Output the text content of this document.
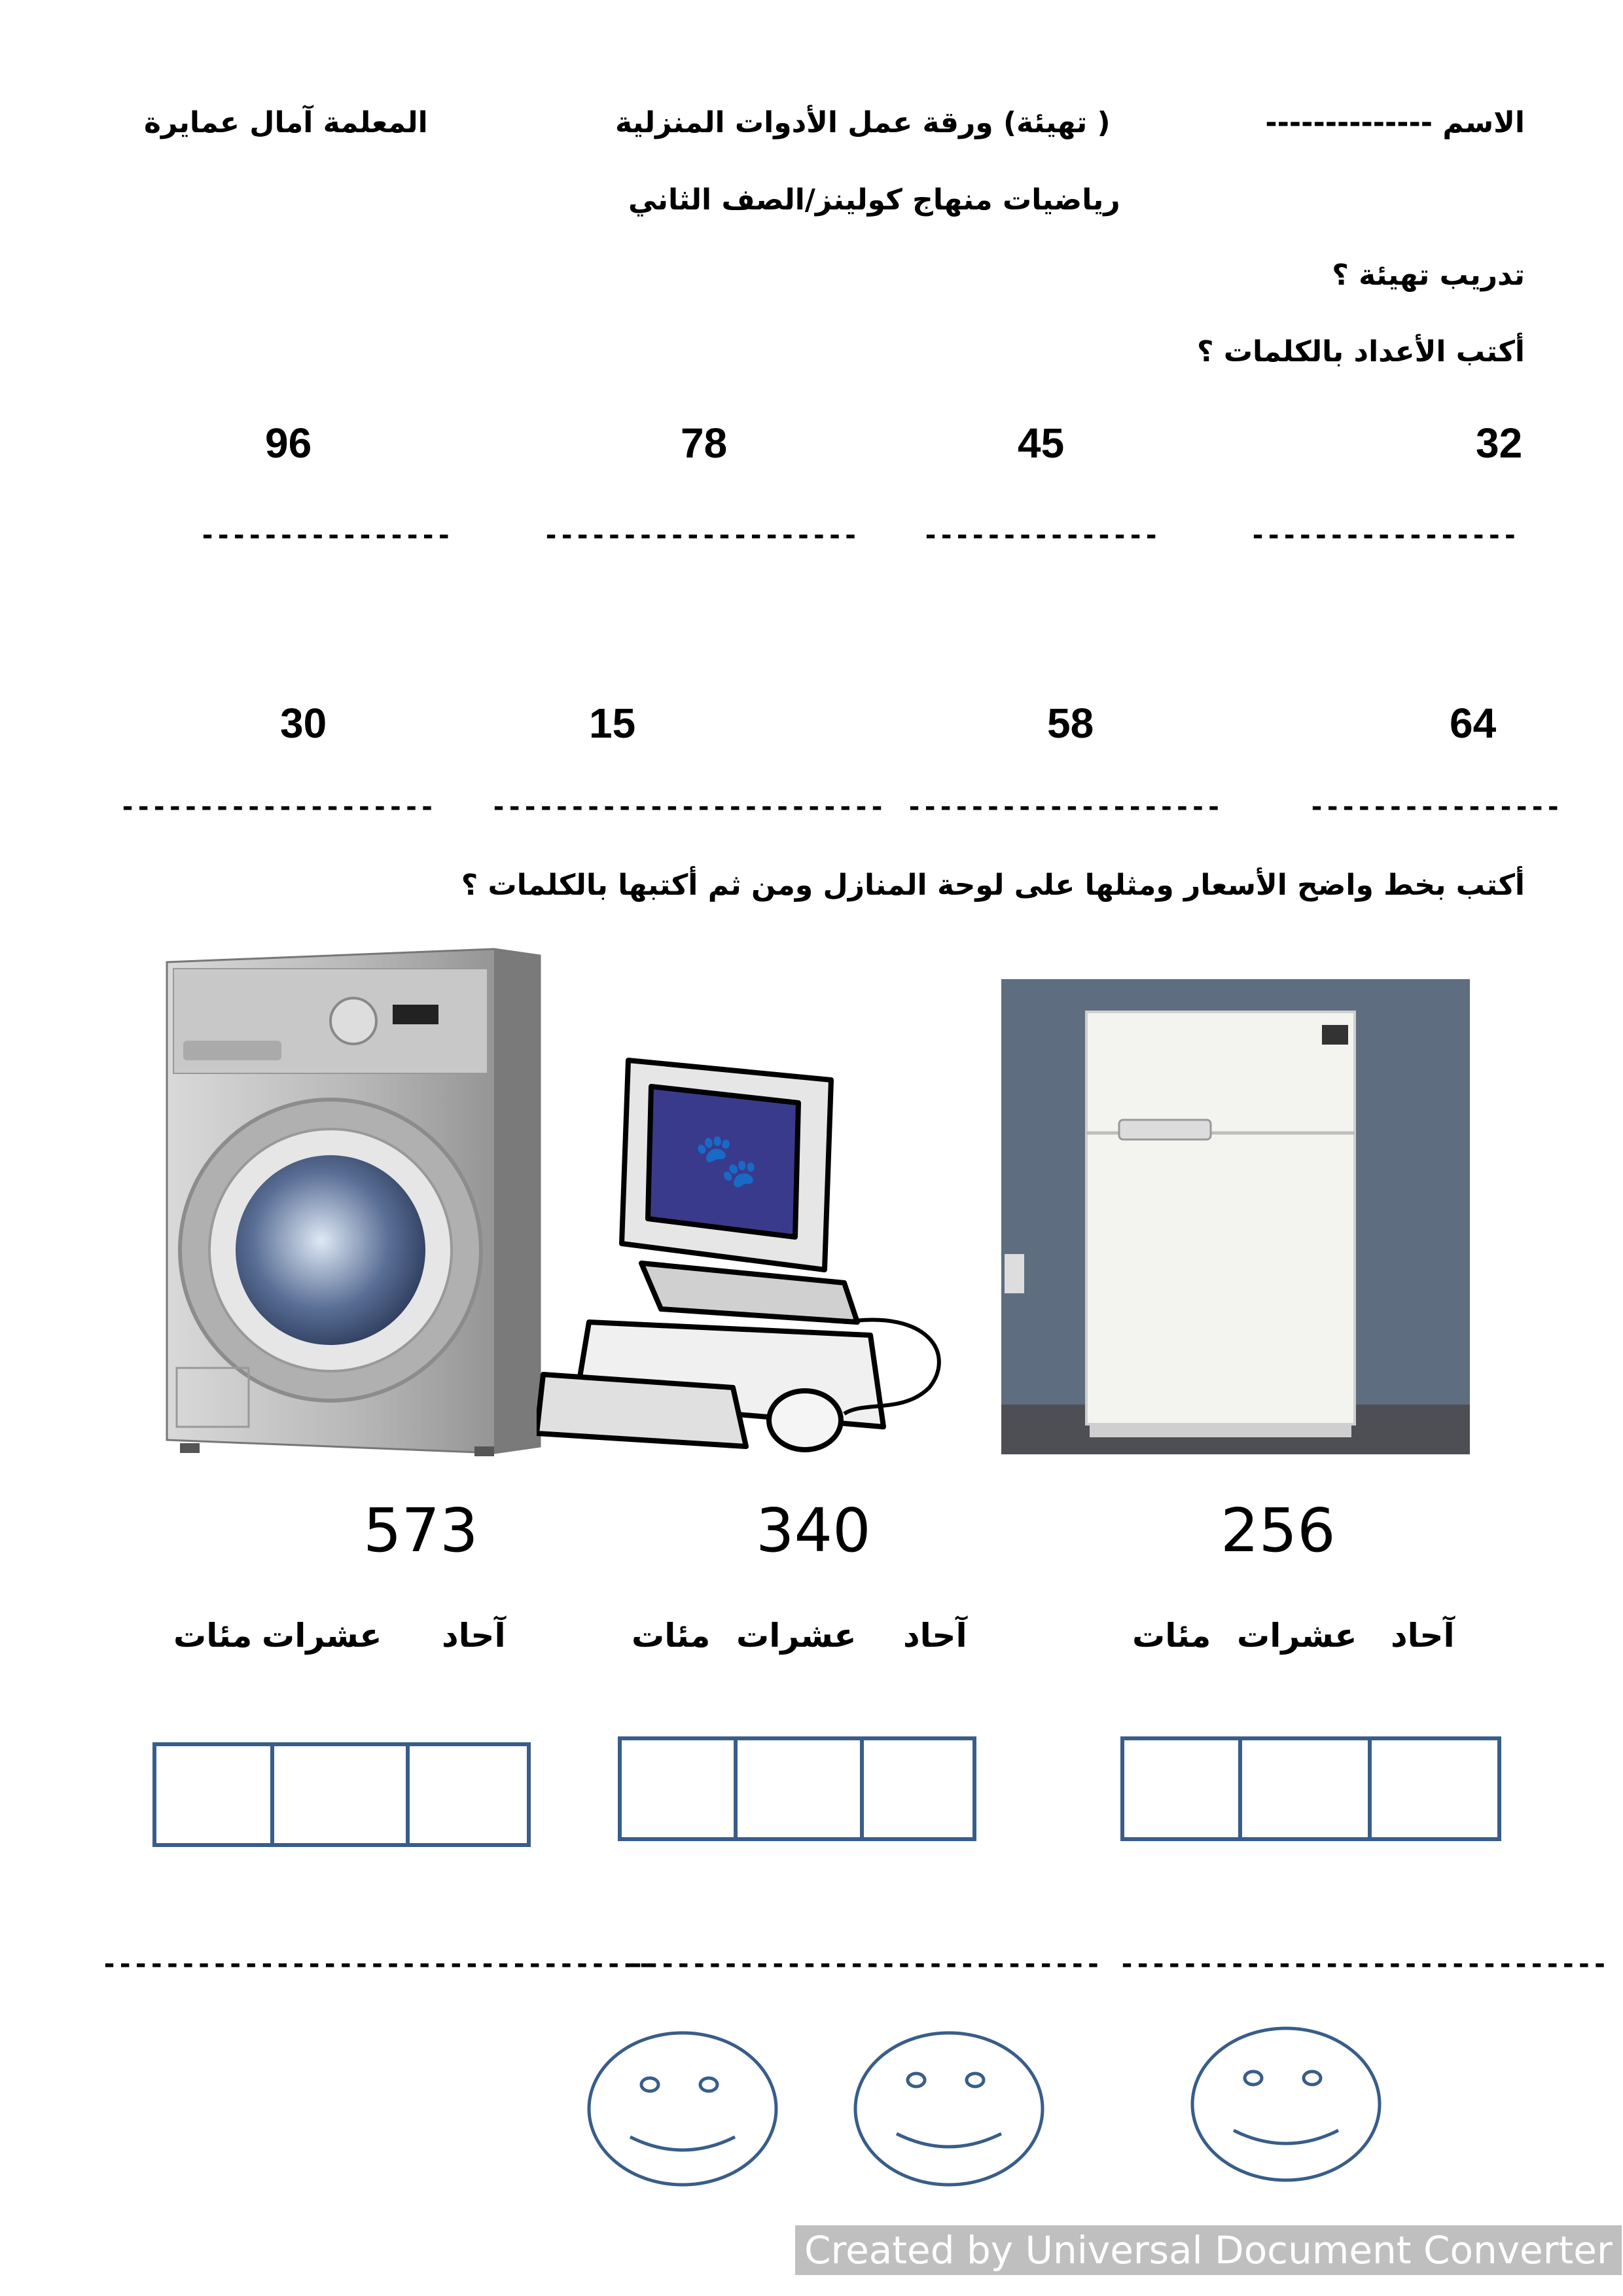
الاسم --------------
( تهيئة) ورقة عمل الأدوات المنزلية
المعلمة آمال عمايرة
رياضيات منهاج كولينز/الصف الثاني
تدريب تهيئة ؟
أكتب الأعداد بالكلمات ؟
32
45
78
96
-----------------
---------------
--------------------
----------------
64
58
15
30
----------------
--------------------
-------------------------
--------------------
أكتب بخط واضح الأسعار ومثلها على لوحة المنازل ومن ثم أكتبها بالكلمات ؟
🐾
256
340
573
آحاد
عشرات
مئات
آحاد
عشرات
مئات
آحاد
عشرات
مئات
-------------------------------
------------------------------
-----------------------------------
Created by Universal Document Converter
